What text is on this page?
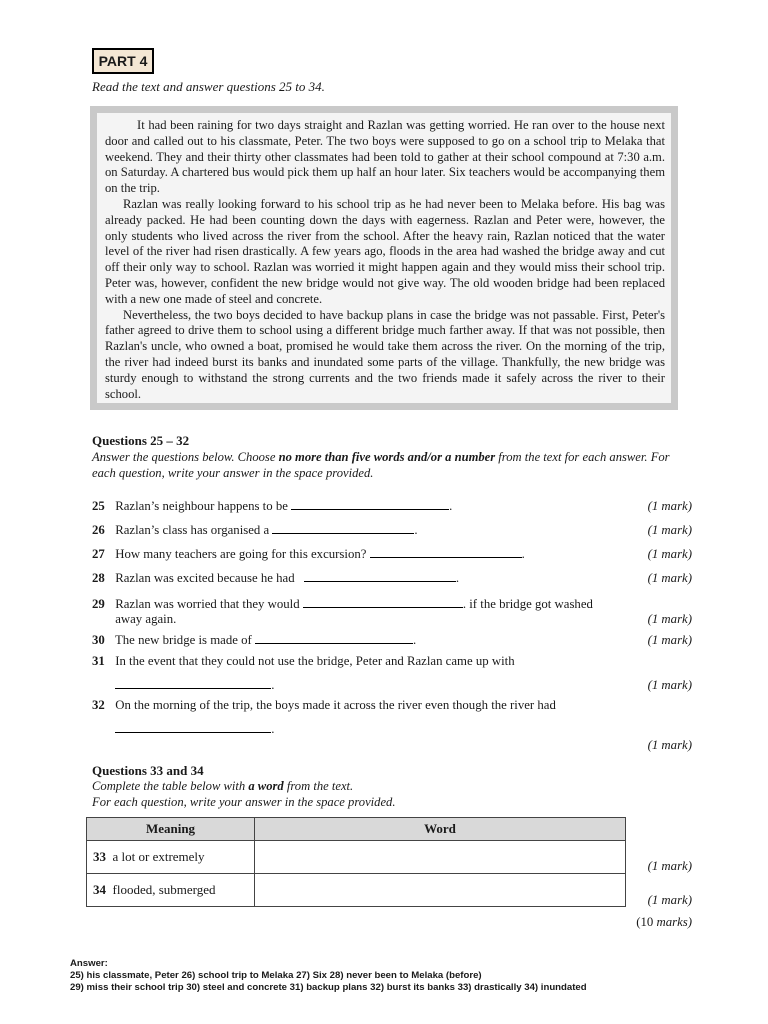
PART 4
Read the text and answer questions 25 to 34.

It had been raining for two days straight and Razlan was getting worried. He ran over to the house next door and called out to his classmate, Peter. The two boys were supposed to go on a school trip to Melaka that weekend. They and their thirty other classmates had been told to gather at their school compound at 7:30 a.m. on Saturday. A chartered bus would pick them up half an hour later. Six teachers would be accompanying them on the trip.

Razlan was really looking forward to his school trip as he had never been to Melaka before. His bag was already packed. He had been counting down the days with eagerness. Razlan and Peter were, however, the only students who lived across the river from the school. After the heavy rain, Razlan noticed that the water level of the river had risen drastically. A few years ago, floods in the area had washed the bridge away and cut off their only way to school. Razlan was worried it might happen again and they would miss their school trip. Peter was, however, confident the new bridge would not give way. The old wooden bridge had been replaced with a new one made of steel and concrete.

Nevertheless, the two boys decided to have backup plans in case the bridge was not passable. First, Peter's father agreed to drive them to school using a different bridge much farther away. If that was not possible, then Razlan's uncle, who owned a boat, promised he would take them across the river. On the morning of the trip, the river had indeed burst its banks and inundated some parts of the village. Thankfully, the new bridge was sturdy enough to withstand the strong currents and the two friends made it safely across the river to their school.

Questions 25 – 32
Answer the questions below. Choose no more than five words and/or a number from the text for each answer. For each question, write your answer in the space provided.
25 Razlan’s neighbour happens to be	.	(1 mark)
26 Razlan’s class has organised a	.	(1 mark)
27 How many teachers are going for this excursion?	.	(1 mark)
28 Razlan was excited because he had	.	(1 mark)
29 Razlan was worried that they would	. if the bridge got washed
away again.	(1 mark)
30 The new bridge is made of	.	(1 mark)
31 In the event that they could not use the bridge, Peter and Razlan came up with
.	(1 mark)
32 On the morning of the trip, the boys made it across the river even though the river had
.
(1 mark)
Questions 33 and 34
Complete the table below with a word from the text.
For each question, write your answer in the space provided.
Meaning	Word
33 a lot or extremely	
34 flooded, submerged	
(1 mark)
(1 mark)
(10 marks)
Answer:
25) his classmate, Peter 26) school trip to Melaka 27) Six 28) never been to Melaka (before)
29) miss their school trip 30) steel and concrete 31) backup plans 32) burst its banks 33) drastically 34) inundated
